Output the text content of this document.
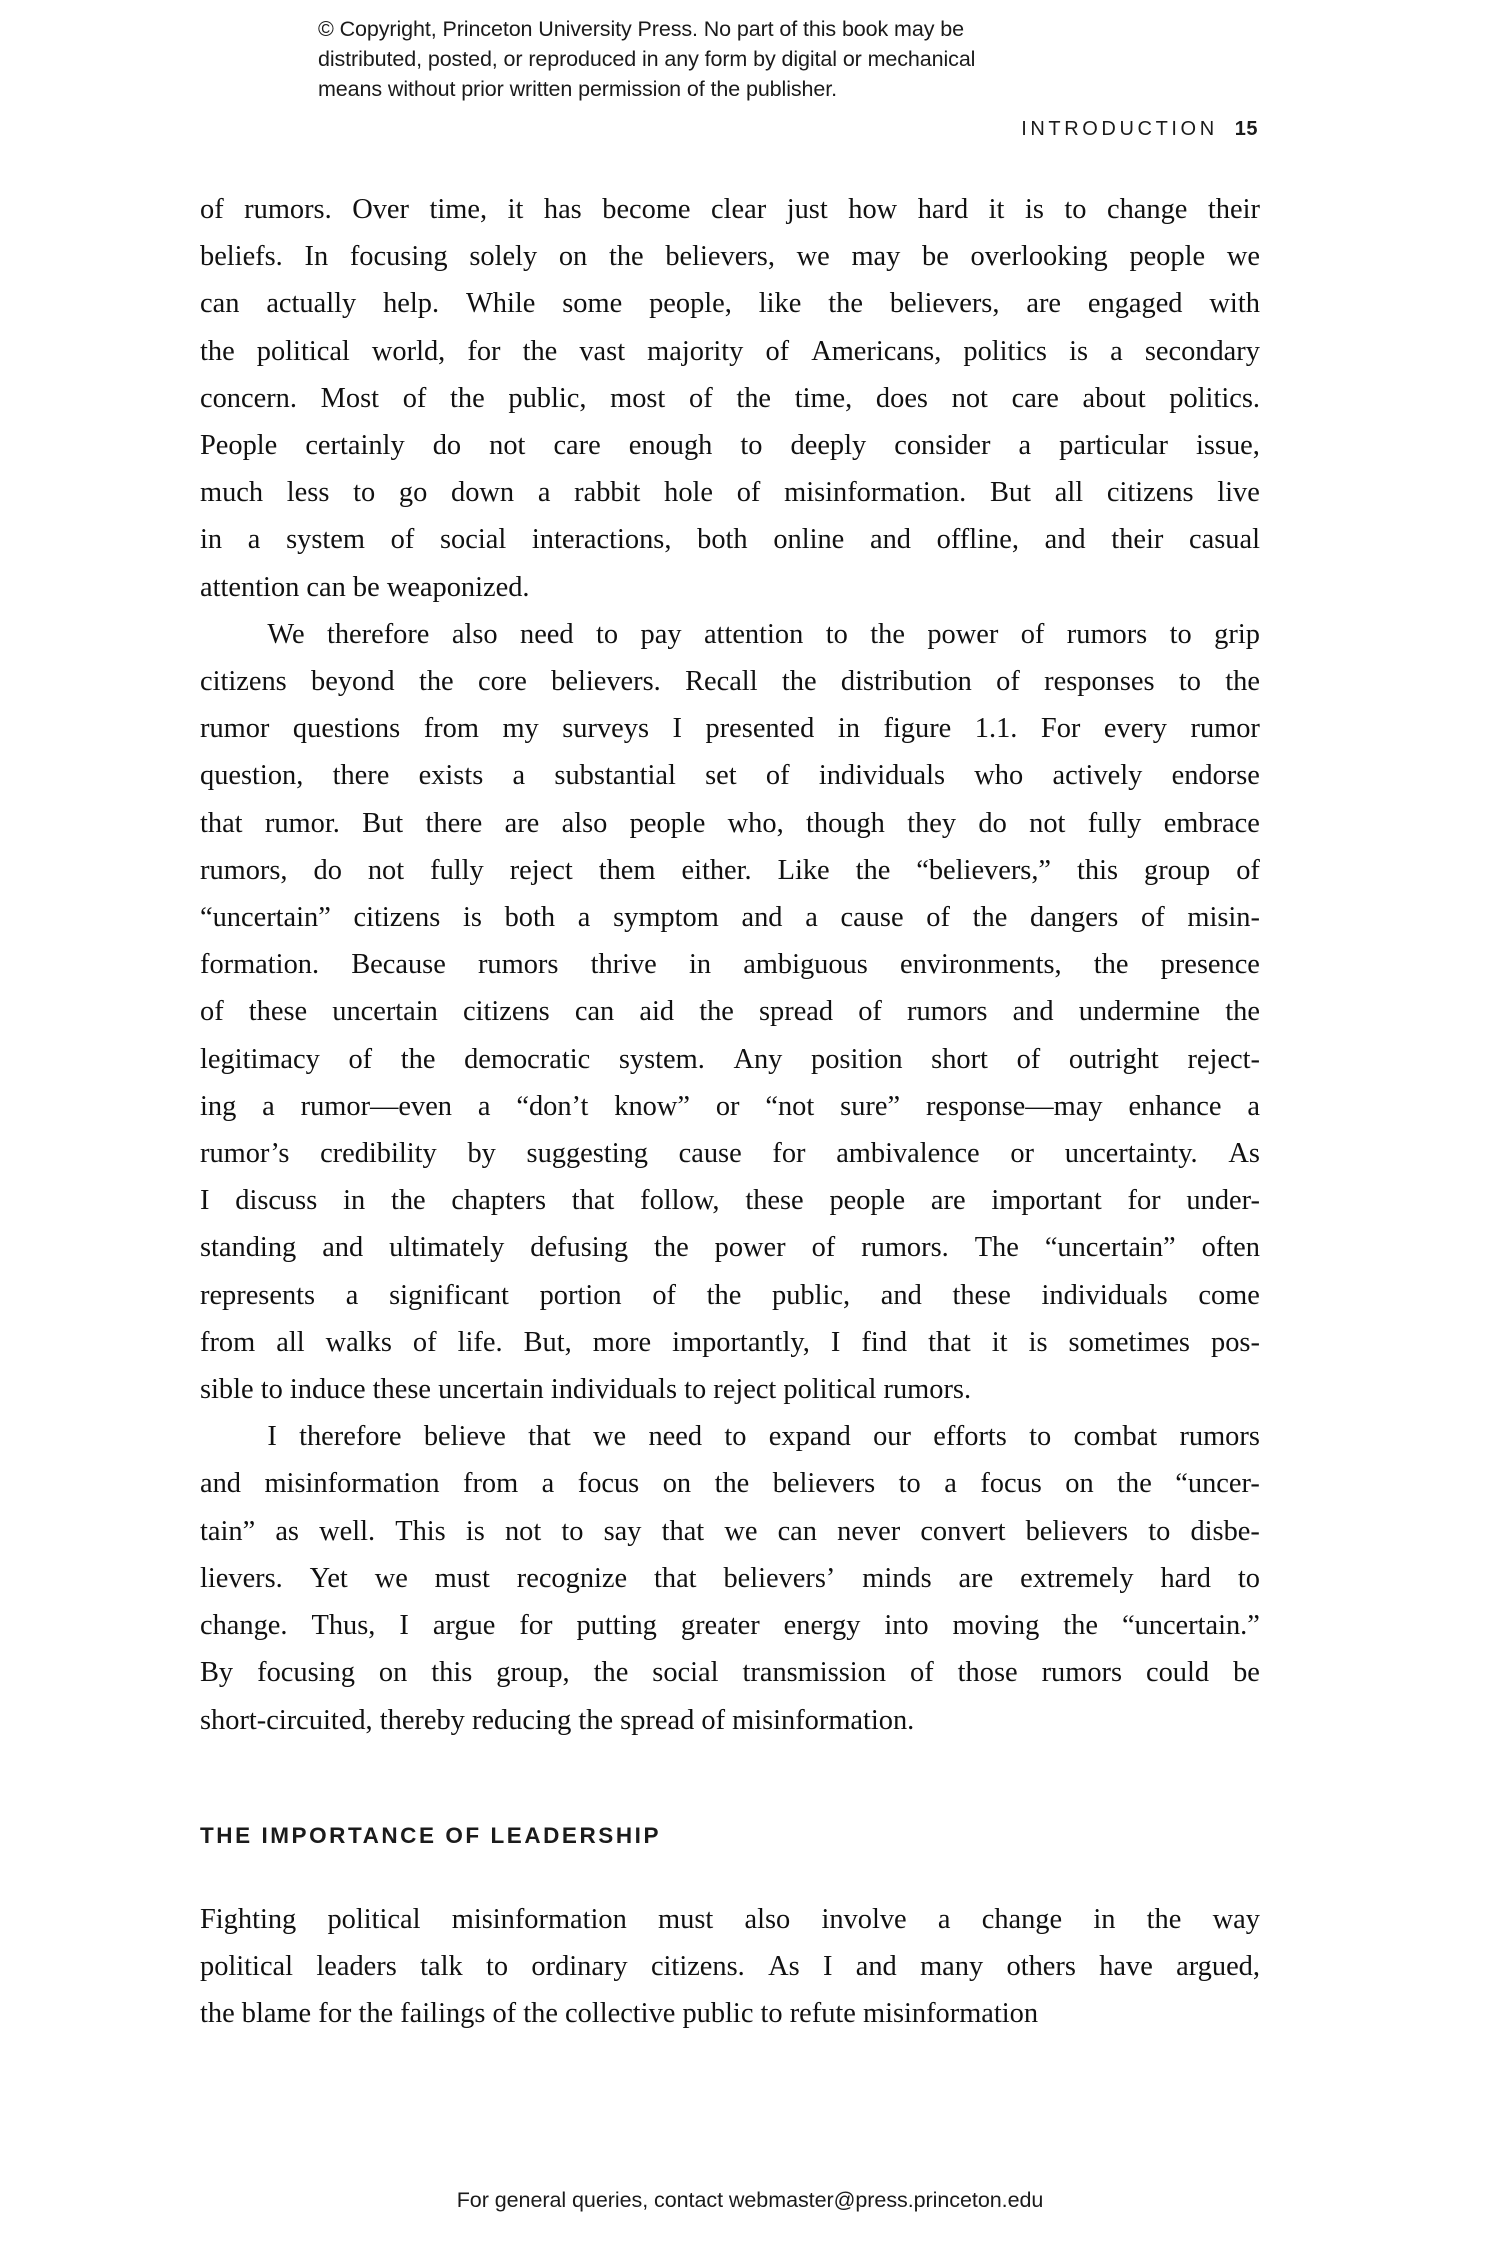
© Copyright, Princeton University Press. No part of this book may be
distributed, posted, or reproduced in any form by digital or mechanical
means without prior written permission of the publisher.
INTRODUCTION 15
of rumors. Over time, it has become clear just how hard it is to change their
beliefs. In focusing solely on the believers, we may be overlooking people we
can actually help. While some people, like the believers, are engaged with
the political world, for the vast majority of Americans, politics is a secondary
concern. Most of the public, most of the time, does not care about politics.
People certainly do not care enough to deeply consider a particular issue,
much less to go down a rabbit hole of misinformation. But all citizens live
in a system of social interactions, both online and offline, and their casual
attention can be weaponized.
We therefore also need to pay attention to the power of rumors to grip
citizens beyond the core believers. Recall the distribution of responses to the
rumor questions from my surveys I presented in figure 1.1. For every rumor
question, there exists a substantial set of individuals who actively endorse
that rumor. But there are also people who, though they do not fully embrace
rumors, do not fully reject them either. Like the “believers,” this group of
“uncertain” citizens is both a symptom and a cause of the dangers of misin-
formation. Because rumors thrive in ambiguous environments, the presence
of these uncertain citizens can aid the spread of rumors and undermine the
legitimacy of the democratic system. Any position short of outright reject-
ing a rumor—even a “don’t know” or “not sure” response—may enhance a
rumor’s credibility by suggesting cause for ambivalence or uncertainty. As
I discuss in the chapters that follow, these people are important for under-
standing and ultimately defusing the power of rumors. The “uncertain” often
represents a significant portion of the public, and these individuals come
from all walks of life. But, more importantly, I find that it is sometimes pos-
sible to induce these uncertain individuals to reject political rumors.
I therefore believe that we need to expand our efforts to combat rumors
and misinformation from a focus on the believers to a focus on the “uncer-
tain” as well. This is not to say that we can never convert believers to disbe-
lievers. Yet we must recognize that believers’ minds are extremely hard to
change. Thus, I argue for putting greater energy into moving the “uncertain.”
By focusing on this group, the social transmission of those rumors could be
short-circuited, thereby reducing the spread of misinformation.
THE IMPORTANCE OF LEADERSHIP
Fighting political misinformation must also involve a change in the way
political leaders talk to ordinary citizens. As I and many others have argued,
the blame for the failings of the collective public to refute misinformation
For general queries, contact webmaster@press.princeton.edu
